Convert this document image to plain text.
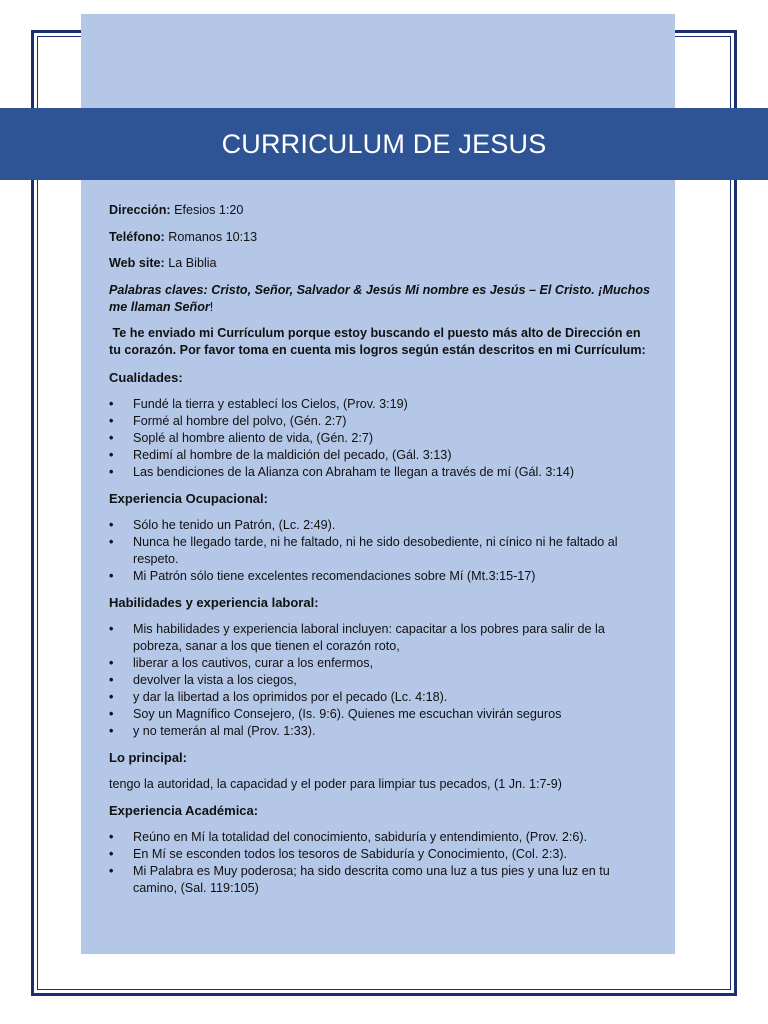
CURRICULUM DE JESUS

Dirección: Efesios 1:20

Teléfono: Romanos 10:13

Web site: La Biblia

Palabras claves: Cristo, Señor, Salvador & Jesús Mi nombre es Jesús – El Cristo. ¡Muchos me llaman Señor!

Te he enviado mi Currículum porque estoy buscando el puesto más alto de Dirección en tu corazón. Por favor toma en cuenta mis logros según están descritos en mi Currículum:

Cualidades:
• Fundé la tierra y establecí los Cielos, (Prov. 3:19)
• Formé al hombre del polvo, (Gén. 2:7)
• Soplé al hombre aliento de vida, (Gén. 2:7)
• Redimí al hombre de la maldición del pecado, (Gál. 3:13)
• Las bendiciones de la Alianza con Abraham te llegan a través de mí (Gál. 3:14)
Experiencia Ocupacional:
• Sólo he tenido un Patrón, (Lc. 2:49).
• Nunca he llegado tarde, ni he faltado, ni he sido desobediente, ni cínico ni he faltado al respeto.
• Mi Patrón sólo tiene excelentes recomendaciones sobre Mí (Mt.3:15-17)
Habilidades y experiencia laboral:
• Mis habilidades y experiencia laboral incluyen: capacitar a los pobres para salir de la pobreza, sanar a los que tienen el corazón roto,
• liberar a los cautivos, curar a los enfermos,
• devolver la vista a los ciegos,
• y dar la libertad a los oprimidos por el pecado (Lc. 4:18).
• Soy un Magnífico Consejero, (Is. 9:6). Quienes me escuchan vivirán seguros
• y no temerán al mal (Prov. 1:33).
Lo principal:

tengo la autoridad, la capacidad y el poder para limpiar tus pecados, (1 Jn. 1:7-9)

Experiencia Académica:
• Reúno en Mí la totalidad del conocimiento, sabiduría y entendimiento, (Prov. 2:6).
• En Mí se esconden todos los tesoros de Sabiduría y Conocimiento, (Col. 2:3).
• Mi Palabra es Muy poderosa; ha sido descrita como una luz a tus pies y una luz en tu camino, (Sal. 119:105)
